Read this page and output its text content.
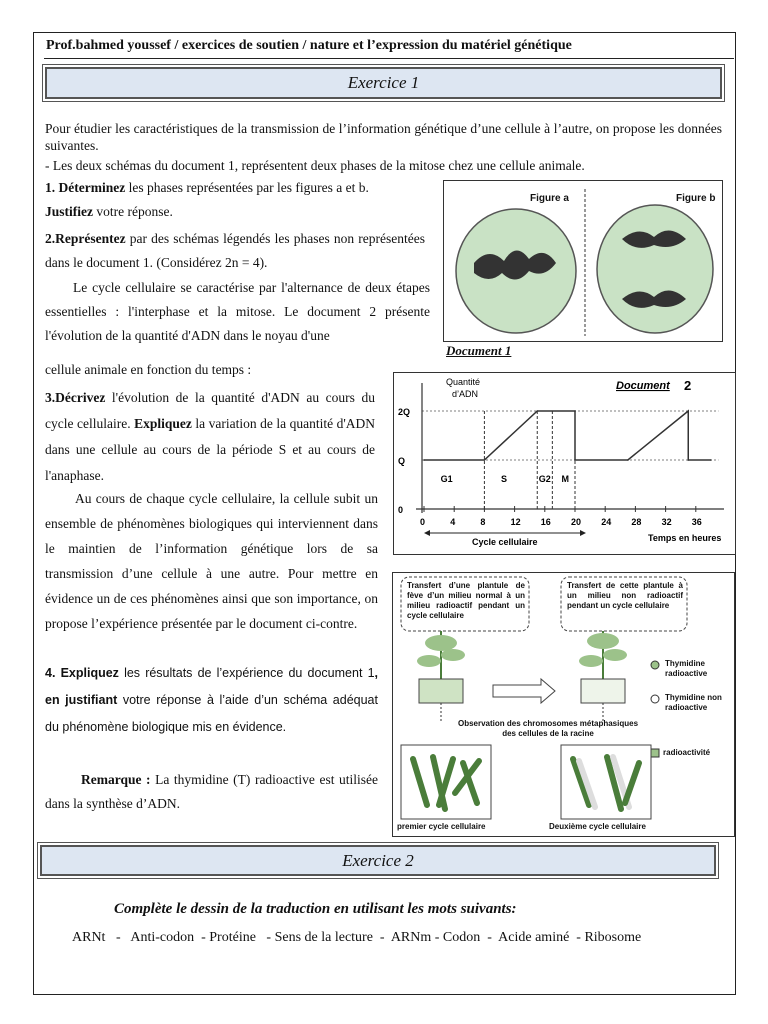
Prof.bahmed youssef / exercices de soutien / nature et l’expression du matériel génétique
Exercice 1
Pour étudier les caractéristiques de la transmission de l’information génétique d’une cellule à l’autre, on propose les données suivantes.
- Les deux schémas du document 1, représentent deux phases de la mitose chez une cellule animale.
1. Déterminez les phases représentées par les figures a et b.
Justifiez votre réponse.
2.Représentez par des schémas légendés les phases non représentées dans le document 1. (Considérez 2n = 4).
Le cycle cellulaire se caractérise par l'alternance de deux étapes essentielles : l'interphase et la mitose. Le document 2 présente l'évolution de la quantité d'ADN dans le noyau d'une
cellule animale en fonction du temps :
3.Décrivez l'évolution de la quantité d'ADN au cours du cycle cellulaire. Expliquez la variation de la quantité d'ADN dans une cellule au cours de la période S et au cours de l'anaphase.
Au cours de chaque cycle cellulaire, la cellule subit un ensemble de phénomènes biologiques qui interviennent dans le maintien de l’information génétique lors de sa transmission d’une cellule à une autre. Pour mettre en évidence un de ces phénomènes ainsi que son importance, on propose l’expérience présentée par le document ci-contre.
4. Expliquez les résultats de l’expérience du document 1, en justifiant votre réponse à l’aide d’un schéma adéquat du phénomène biologique mis en évidence.
Remarque : La thymidine (T) radioactive est utilisée dans la synthèse d’ADN.
Figure a	Figure b
Document 1
Quantité
d’ADN
Temps en heures
Cycle cellulaire
Document 2
0
Q
2Q
0	4	8	12 16 20 24 28 32 36
G1	S	G2 M
Transfert d’une plantule de fève d’un milieu normal à un milieu radioactif pendant un cycle cellulaire
Transfert de cette plantule à un milieu non radioactif pendant un cycle cellulaire
Observation des chromosomes métaphasiques des cellules de la racine
Thymidine radioactive
Thymidine non radioactive
radioactivité
premier cycle cellulaire	Deuxième cycle cellulaire
Exercice 2
Complète le dessin de la traduction en utilisant les mots suivants:
ARNt   -   Anti-codon  - Protéine   - Sens de la lecture  -  ARNm - Codon  -  Acide aminé  - Ribosome
